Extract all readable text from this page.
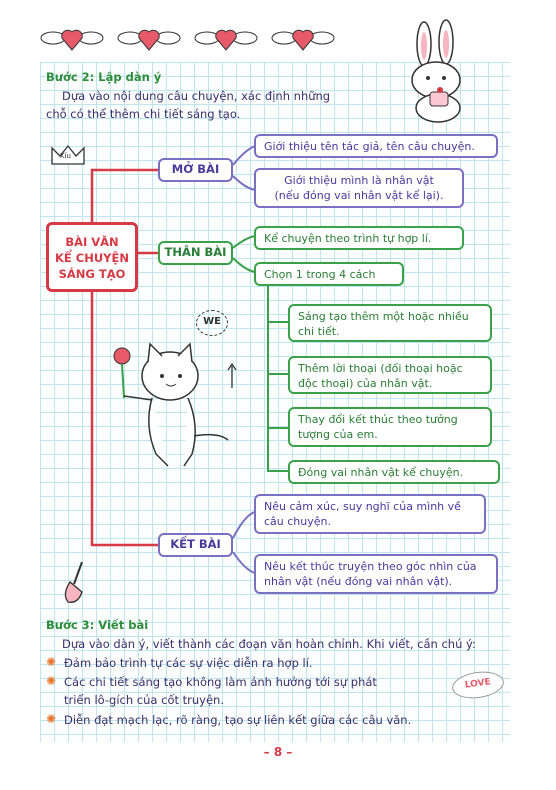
Bước 2: Lập dàn ý
Dựa vào nội dung câu chuyện, xác định những
chỗ có thể thêm chi tiết sáng tạo.
Kỉu
BÀI VĂN
KỂ CHUYỆN
SÁNG TẠO
MỞ BÀI
Giới thiệu tên tác giả, tên câu chuyện.
Giới thiệu mình là nhân vật
(nếu đóng vai nhân vật kể lại).
THÂN BÀI
Kể chuyện theo trình tự hợp lí.
Chọn 1 trong 4 cách
Sáng tạo thêm một hoặc nhiều
chi tiết.
Thêm lời thoại (đối thoại hoặc
độc thoại) của nhân vật.
Thay đổi kết thúc theo tưởng
tượng của em.
Đóng vai nhân vật kể chuyện.
WE
KẾT BÀI
Nêu cảm xúc, suy nghĩ của mình về
câu chuyện.
Nêu kết thúc truyện theo góc nhìn của
nhân vật (nếu đóng vai nhân vật).
Bước 3: Viết bài
Dựa vào dàn ý, viết thành các đoạn văn hoàn chỉnh. Khi viết, cần chú ý:
✺ Đảm bảo trình tự các sự việc diễn ra hợp lí.
✺ Các chi tiết sáng tạo không làm ảnh hưởng tới sự phát
triển lô-gích của cốt truyện.
✺ Diễn đạt mạch lạc, rõ ràng, tạo sự liên kết giữa các câu văn.
LOVE
– 8 –
